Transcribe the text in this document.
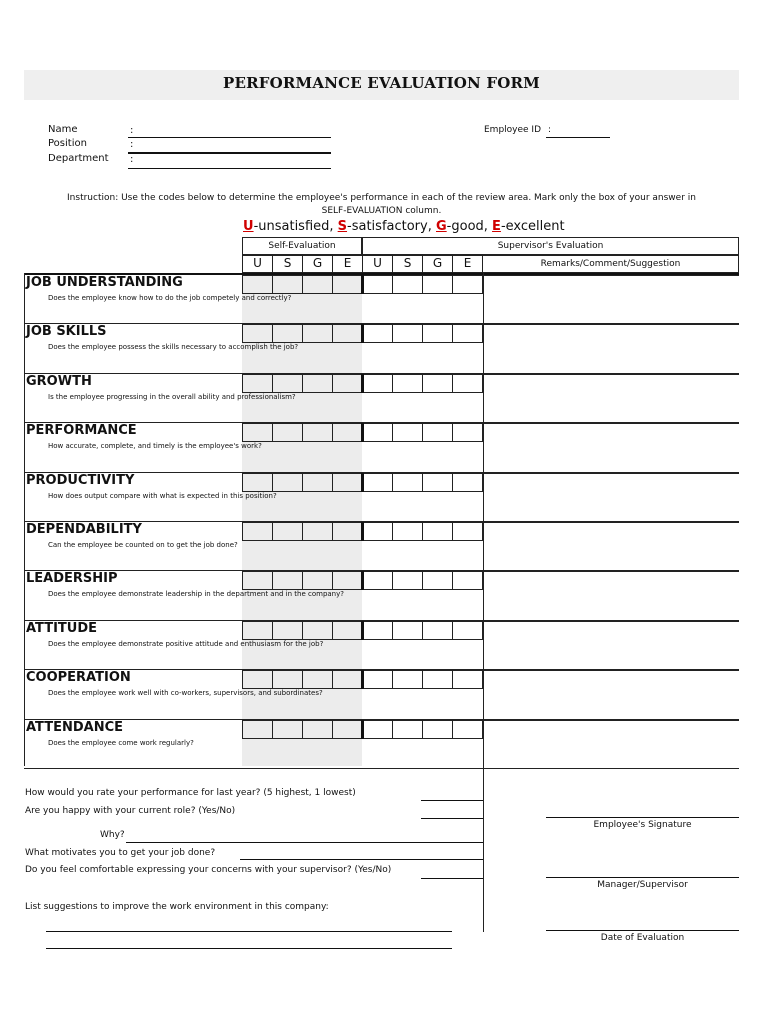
PERFORMANCE EVALUATION FORM
Name	:
Position	:
Department :
Employee ID :
Instruction: Use the codes below to determine the employee's performance in each of the review area. Mark only the box of your answer in
SELF-EVALUATION column.
U-unsatisfied, S-satisfactory, G-good, E-excellent
Self-Evaluation	Supervisor's Evaluation
U	S	G	E	U	S	G	E	Remarks/Comment/Suggestion
JOB UNDERSTANDING
Does the employee know how to do the job competely and correctly?
JOB SKILLS
Does the employee possess the skills necessary to accomplish the job?
GROWTH
Is the employee progressing in the overall ability and professionalism?
PERFORMANCE
How accurate, complete, and timely is the employee's work?
PRODUCTIVITY
How does output compare with what is expected in this position?
DEPENDABILITY
Can the employee be counted on to get the job done?
LEADERSHIP
Does the employee demonstrate leadership in the department and in the company?
ATTITUDE
Does the employee demonstrate positive attitude and enthusiasm for the job?
COOPERATION
Does the employee work well with co-workers, supervisors, and subordinates?
ATTENDANCE
Does the employee come work regularly?
How would you rate your performance for last year? (5 highest, 1 lowest)
Are you happy with your current role? (Yes/No)
Why?
What motivates you to get your job done?
Do you feel comfortable expressing your concerns with your supervisor? (Yes/No)
List suggestions to improve the work environment in this company:
Employee's Signature
Manager/Supervisor
Date of Evaluation
